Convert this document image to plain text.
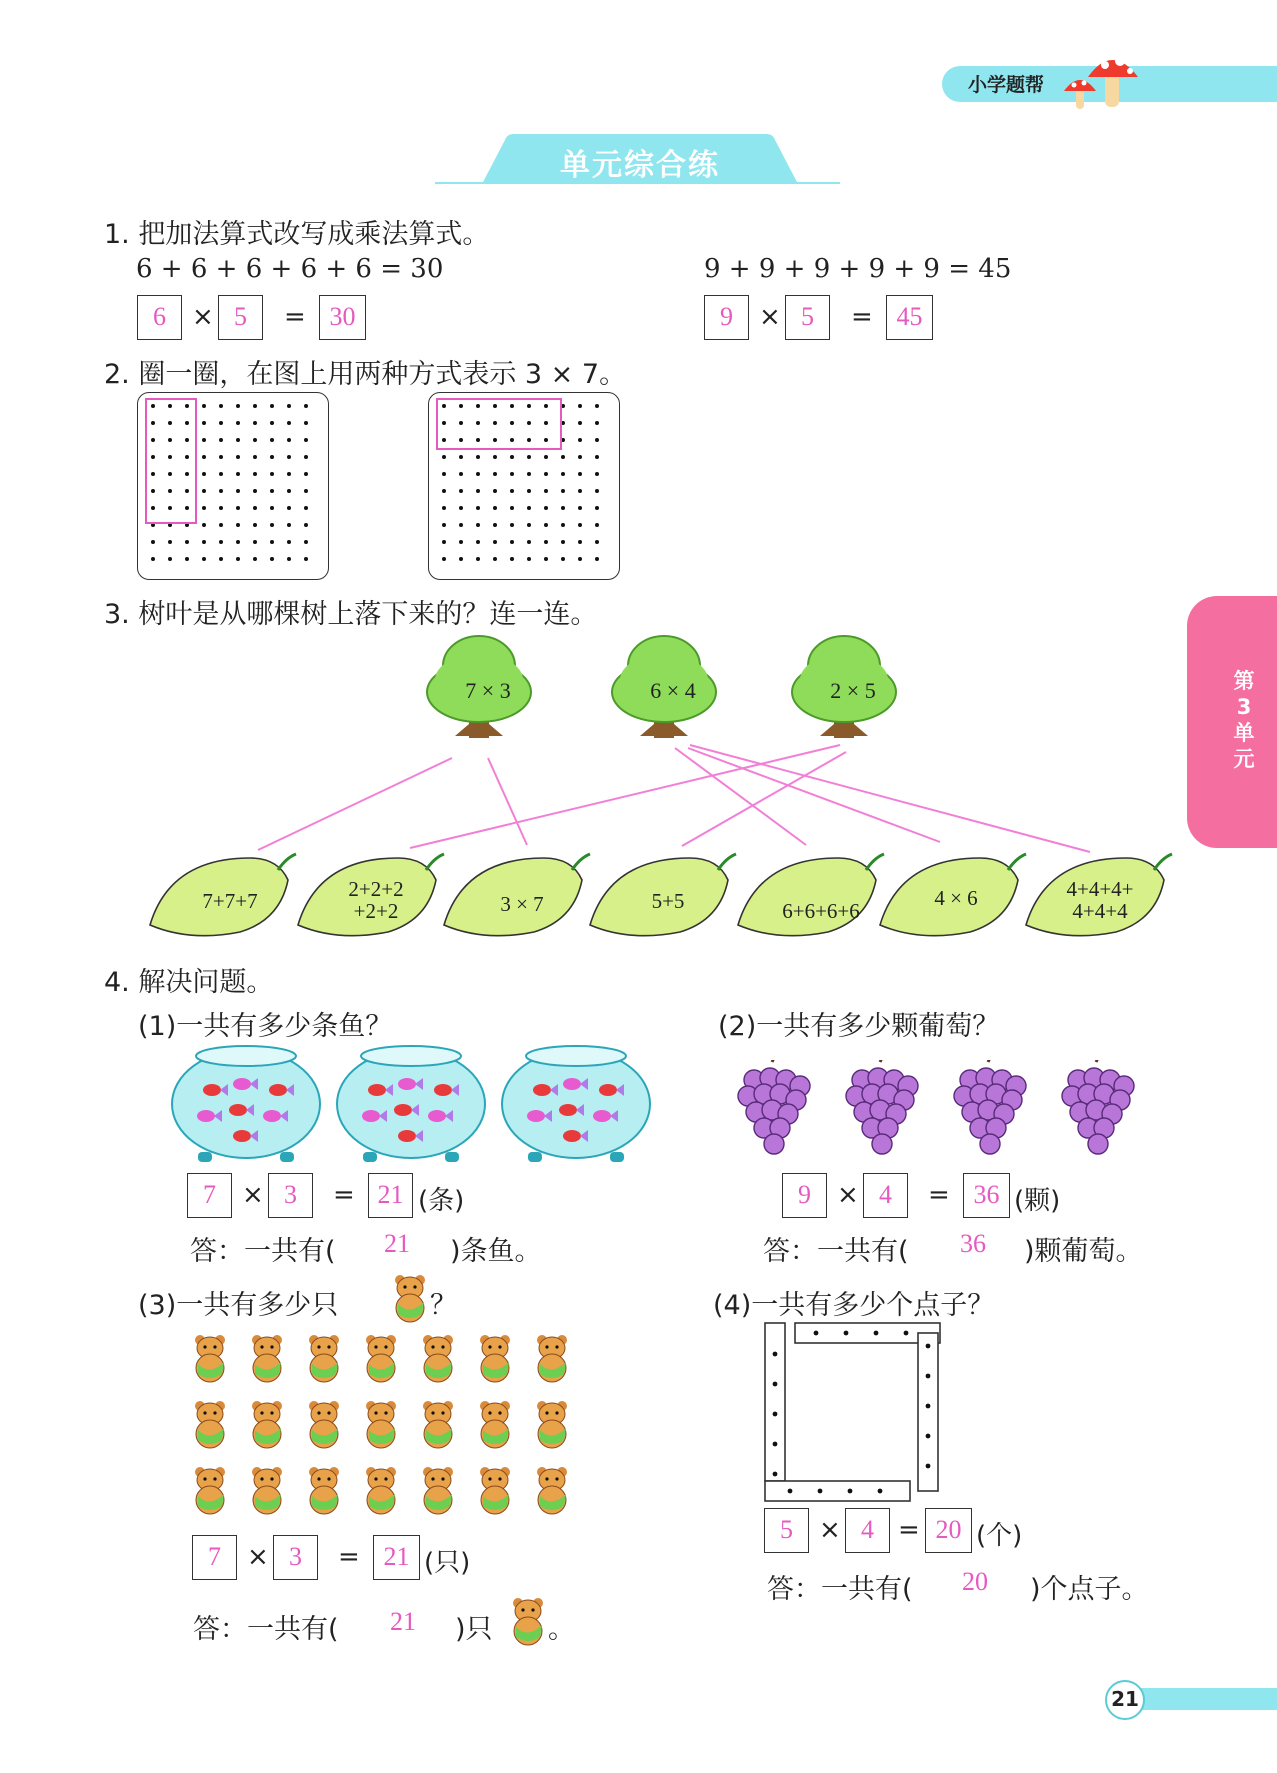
小学题帮
单元综合练
第3单元
1. 把加法算式改写成乘法算式。
6 + 6 + 6 + 6 + 6 = 30	9 + 9 + 9 + 9 + 9 = 45
6	× 5	= 30	9	× 5	= 45
2. 圈一圈，在图上用两种方式表示 3 × 7。
3. 树叶是从哪棵树上落下来的？连一连。
7 × 3	6 × 4	2 × 5
7+7+7	2+2+2
+2+2	3 × 7	5+5	6+6+6+6
4 × 6	4+4+4+
4+4+4
4. 解决问题。
(1)一共有多少条鱼？
7	× 3	= 21 (条)
答：一共有( 21 )条鱼。
(2)一共有多少颗葡萄？
9	× 4	= 36 (颗)
答：一共有( 36 )颗葡萄。
(3)一共有多少只	？
7	× 3	= 21 (只)
答：一共有( 21 )只 。
(4)一共有多少个点子？
5	× 4 = 20 (个)
答：一共有( 20 )个点子。
21
